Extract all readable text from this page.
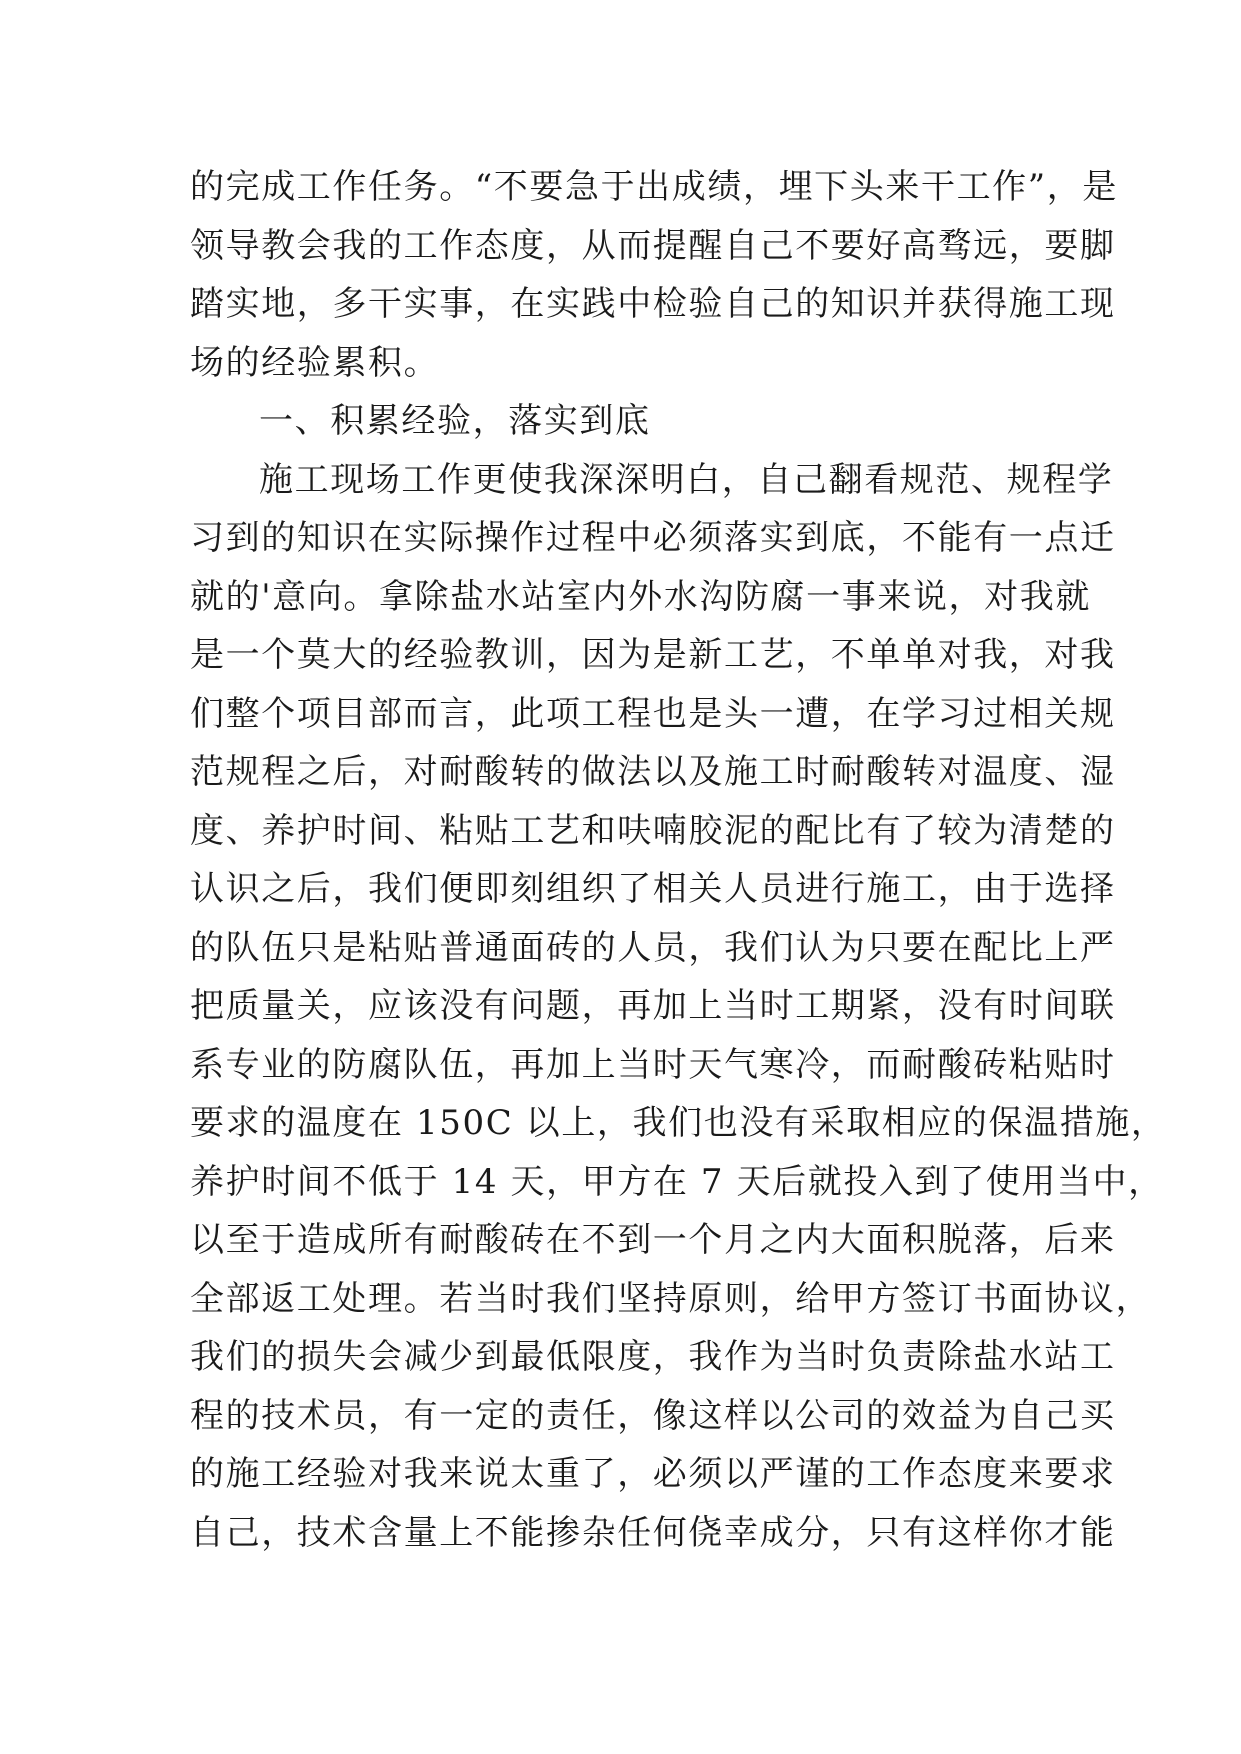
的完成工作任务。“不要急于出成绩，埋下头来干工作”，是
领导教会我的工作态度，从而提醒自己不要好高骛远，要脚
踏实地，多干实事，在实践中检验自己的知识并获得施工现
场的经验累积。
一、积累经验，落实到底
施工现场工作更使我深深明白，自己翻看规范、规程学
习到的知识在实际操作过程中必须落实到底，不能有一点迁
就的'意向。拿除盐水站室内外水沟防腐一事来说，对我就
是一个莫大的经验教训，因为是新工艺，不单单对我，对我
们整个项目部而言，此项工程也是头一遭，在学习过相关规
范规程之后，对耐酸转的做法以及施工时耐酸转对温度、湿
度、养护时间、粘贴工艺和呋喃胶泥的配比有了较为清楚的
认识之后，我们便即刻组织了相关人员进行施工，由于选择
的队伍只是粘贴普通面砖的人员，我们认为只要在配比上严
把质量关，应该没有问题，再加上当时工期紧，没有时间联
系专业的防腐队伍，再加上当时天气寒冷，而耐酸砖粘贴时
要求的温度在 150C 以上，我们也没有采取相应的保温措施，
养护时间不低于 14 天，甲方在 7 天后就投入到了使用当中，
以至于造成所有耐酸砖在不到一个月之内大面积脱落，后来
全部返工处理。若当时我们坚持原则，给甲方签订书面协议，
我们的损失会减少到最低限度，我作为当时负责除盐水站工
程的技术员，有一定的责任，像这样以公司的效益为自己买
的施工经验对我来说太重了，必须以严谨的工作态度来要求
自己，技术含量上不能掺杂任何侥幸成分，只有这样你才能
